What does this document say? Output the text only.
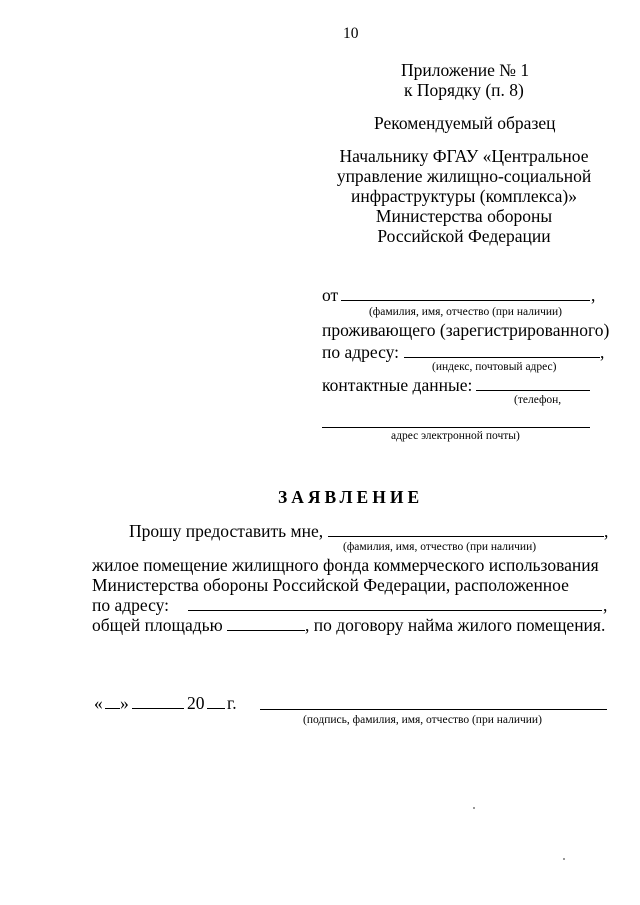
10
Приложение № 1
к Порядку (п. 8)
Рекомендуемый образец
Начальнику ФГАУ «Центральное
управление жилищно-социальной
инфраструктуры (комплекса)»
Министерства обороны
Российской Федерации
от	,
(фамилия, имя, отчество (при наличии)
проживающего (зарегистрированного)
по адресу:	,
(индекс, почтовый адрес)
контактные данные:
(телефон,
адрес электронной почты)
ЗАЯВЛЕНИЕ
Прошу предоставить мне,	,
(фамилия, имя, отчество (при наличии)
жилое помещение жилищного фонда коммерческого использования
Министерства обороны Российской Федерации, расположенное
по адресу:	,
общей площадью	, по договору найма жилого помещения.
« »	20 г.
(подпись, фамилия, имя, отчество (при наличии)
